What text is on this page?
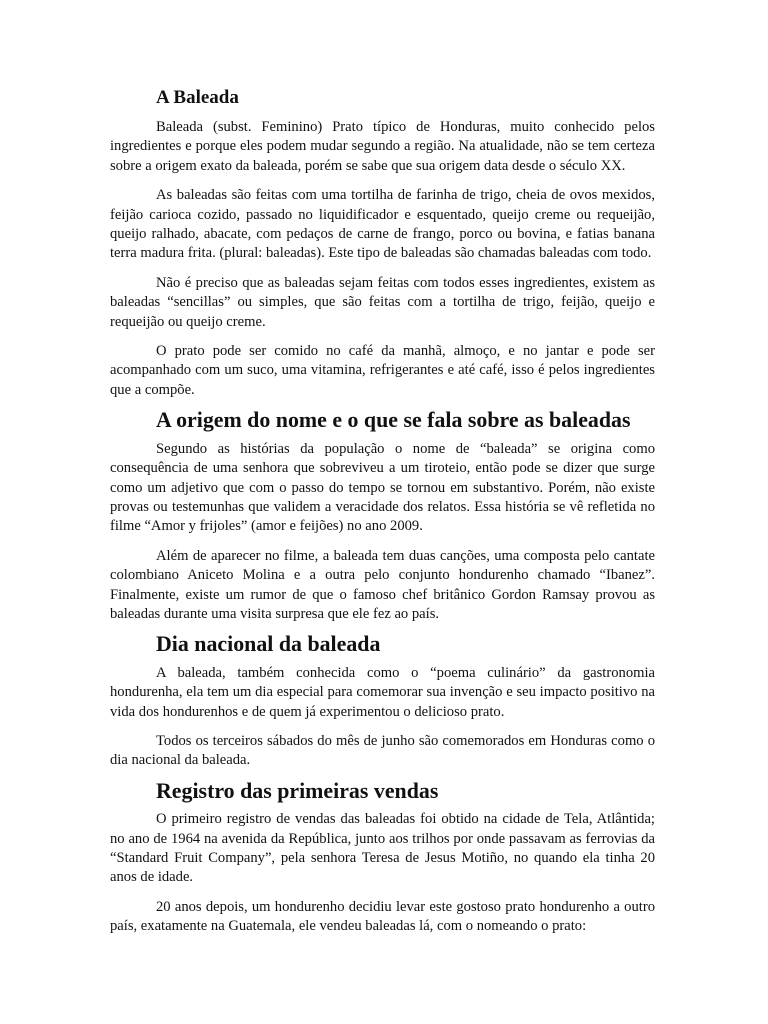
A Baleada

Baleada (subst. Feminino) Prato típico de Honduras, muito conhecido pelos ingredientes e porque eles podem mudar segundo a região. Na atualidade, não se tem certeza sobre a origem exato da baleada, porém se sabe que sua origem data desde o século XX.

As baleadas são feitas com uma tortilha de farinha de trigo, cheia de ovos mexidos, feijão carioca cozido, passado no liquidificador e esquentado, queijo creme ou requeijão, queijo ralhado, abacate, com pedaços de carne de frango, porco ou bovina, e fatias banana terra madura frita. (plural: baleadas). Este tipo de baleadas são chamadas baleadas com todo.

Não é preciso que as baleadas sejam feitas com todos esses ingredientes, existem as baleadas “sencillas” ou simples, que são feitas com a tortilha de trigo, feijão, queijo e requeijão ou queijo creme.

O prato pode ser comido no café da manhã, almoço, e no jantar e pode ser acompanhado com um suco, uma vitamina, refrigerantes e até café, isso é pelos ingredientes que a compõe.

A origem do nome e o que se fala sobre as baleadas

Segundo as histórias da população o nome de “baleada” se origina como consequência de uma senhora que sobreviveu a um tiroteio, então pode se dizer que surge como um adjetivo que com o passo do tempo se tornou em substantivo. Porém, não existe provas ou testemunhas que validem a veracidade dos relatos. Essa história se vê refletida no filme “Amor y frijoles” (amor e feijões) no ano 2009.

Além de aparecer no filme, a baleada tem duas canções, uma composta pelo cantate colombiano Aniceto Molina e a outra pelo conjunto hondurenho chamado “Ibanez”. Finalmente, existe um rumor de que o famoso chef britânico Gordon Ramsay provou as baleadas durante uma visita surpresa que ele fez ao país.

Dia nacional da baleada

A baleada, também conhecida como o “poema culinário” da gastronomia hondurenha, ela tem um dia especial para comemorar sua invenção e seu impacto positivo na vida dos hondurenhos e de quem já experimentou o delicioso prato.

Todos os terceiros sábados do mês de junho são comemorados em Honduras como o dia nacional da baleada.

Registro das primeiras vendas

O primeiro registro de vendas das baleadas foi obtido na cidade de Tela, Atlântida; no ano de 1964 na avenida da República, junto aos trilhos por onde passavam as ferrovias da “Standard Fruit Company”, pela senhora Teresa de Jesus Motiño, no quando ela tinha 20 anos de idade.

20 anos depois, um hondurenho decidiu levar este gostoso prato hondurenho a outro país, exatamente na Guatemala, ele vendeu baleadas lá, com o nomeando o prato:
